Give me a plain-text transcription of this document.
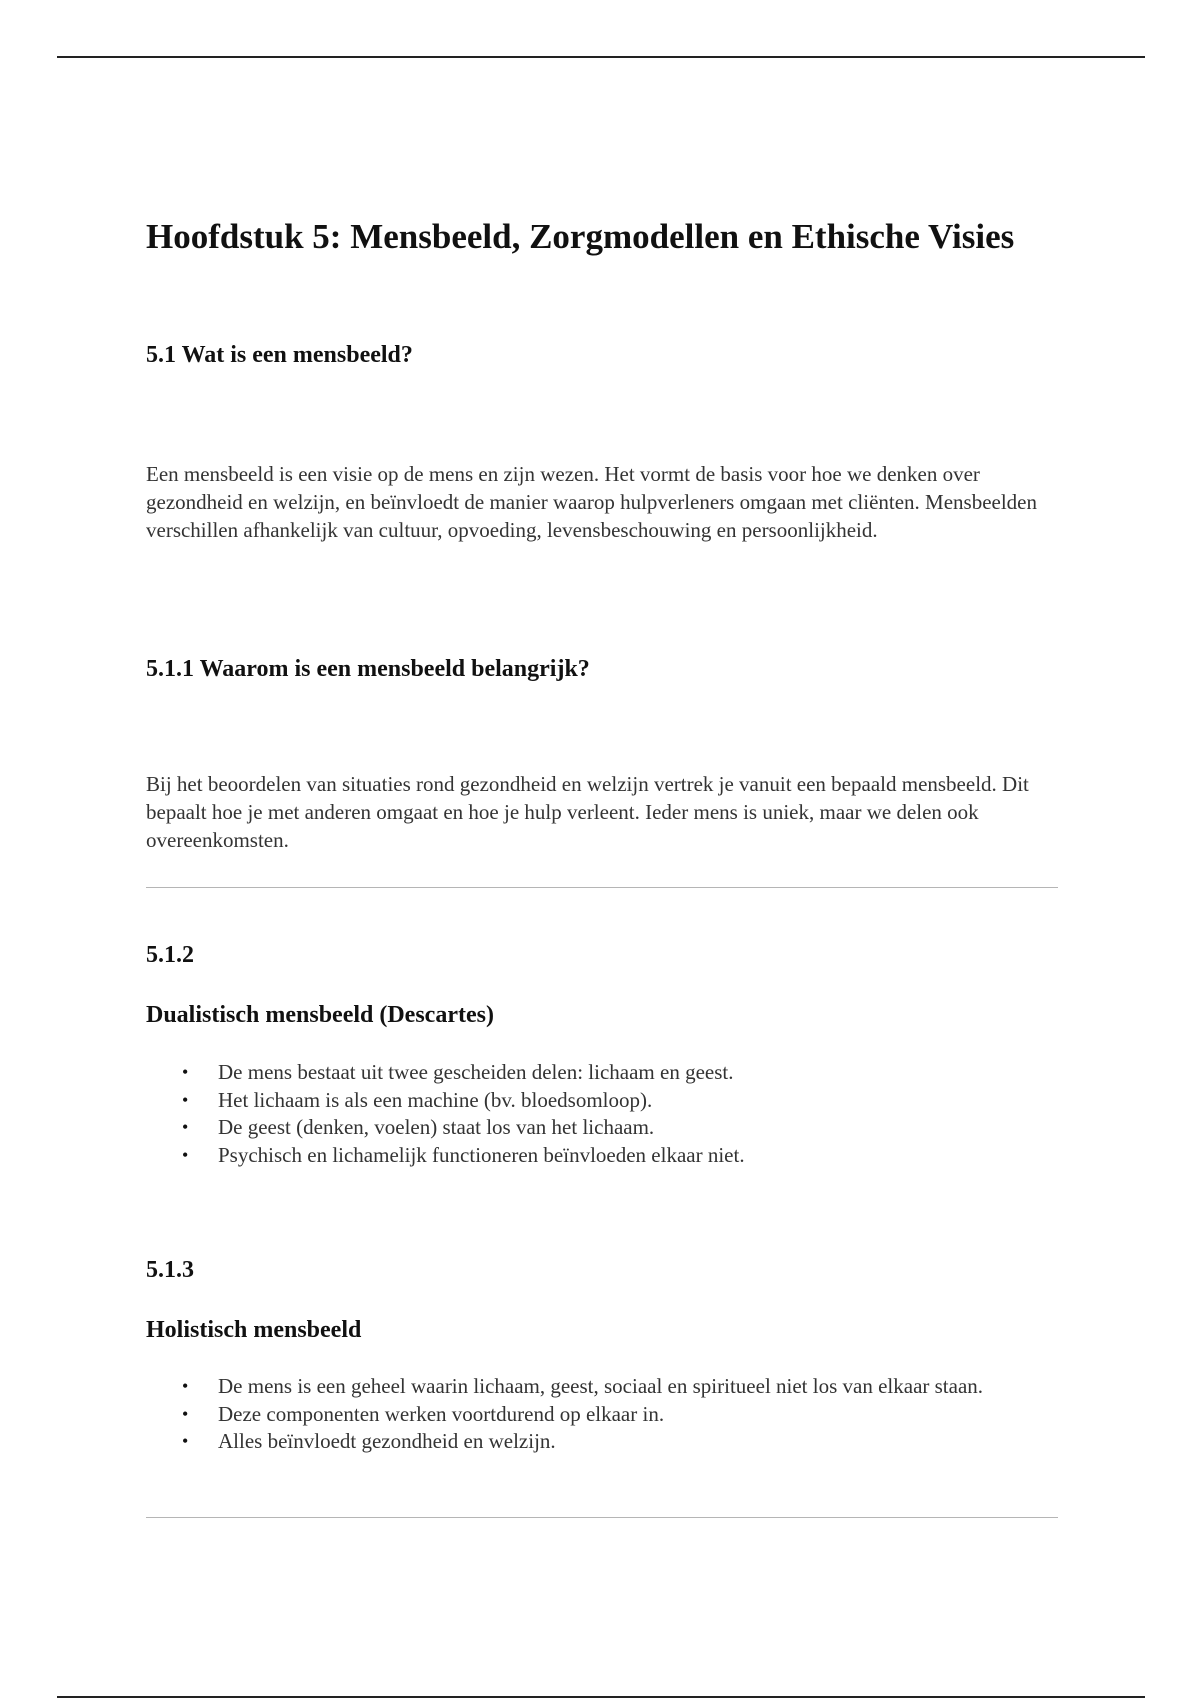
Hoofdstuk 5: Mensbeeld, Zorgmodellen en Ethische Visies
5.1 Wat is een mensbeeld?

Een mensbeeld is een visie op de mens en zijn wezen. Het vormt de basis voor hoe we denken over gezondheid en welzijn, en beïnvloedt de manier waarop hulpverleners omgaan met cliënten. Mensbeelden verschillen afhankelijk van cultuur, opvoeding, levensbeschouwing en persoonlijkheid.

5.1.1 Waarom is een mensbeeld belangrijk?

Bij het beoordelen van situaties rond gezondheid en welzijn vertrek je vanuit een bepaald mensbeeld. Dit bepaalt hoe je met anderen omgaat en hoe je hulp verleent. Ieder mens is uniek, maar we delen ook overeenkomsten.

5.1.2
Dualistisch mensbeeld (Descartes)
• De mens bestaat uit twee gescheiden delen: lichaam en geest.
• Het lichaam is als een machine (bv. bloedsomloop).
• De geest (denken, voelen) staat los van het lichaam.
• Psychisch en lichamelijk functioneren beïnvloeden elkaar niet.
5.1.3
Holistisch mensbeeld
• De mens is een geheel waarin lichaam, geest, sociaal en spiritueel niet los van elkaar staan.
• Deze componenten werken voortdurend op elkaar in.
• Alles beïnvloedt gezondheid en welzijn.
